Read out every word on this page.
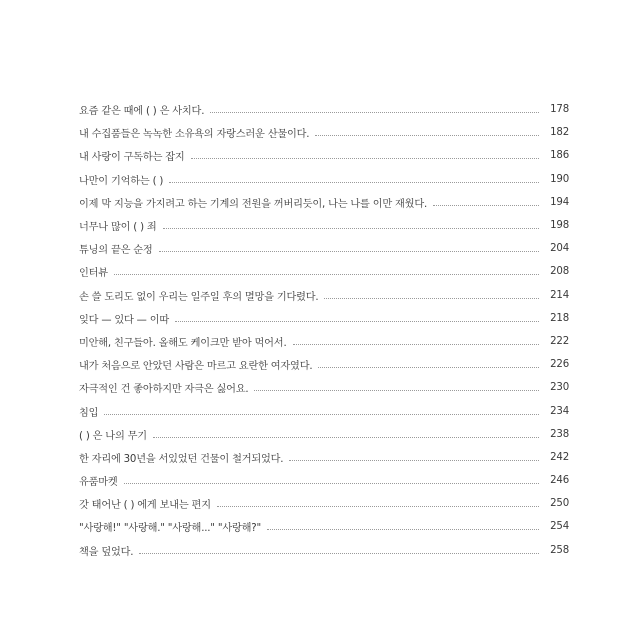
요즘 같은 때에 ( ) 은 사치다.	178
내 수집품들은 녹녹한 소유욕의 자랑스러운 산물이다.	182
내 사랑이 구독하는 잡지	186
나만이 기억하는 ( )	190
이제 막 지능을 가지려고 하는 기계의 전원을 꺼버리듯이, 나는 나를 이만 재웠다.	194
너무나 많이 ( ) 죄	198
튜닝의 끝은 순정	204
인터뷰	208
손 쓸 도리도 없이 우리는 일주일 후의 멸망을 기다렸다.	214
잊다 — 있다 — 이따	218
미안해, 친구들아. 올해도 케이크만 받아 먹어서.	222
내가 처음으로 안았던 사람은 마르고 요란한 여자였다.	226
자극적인 건 좋아하지만 자극은 싫어요.	230
침입	234
( ) 은 나의 무기	238
한 자리에 30년을 서있었던 건물이 철거되었다.	242
유품마켓	246
갓 태어난 ( ) 에게 보내는 편지	250
"사랑해!" "사랑해." "사랑해..." "사랑해?"	254
책을 덮었다.	258
